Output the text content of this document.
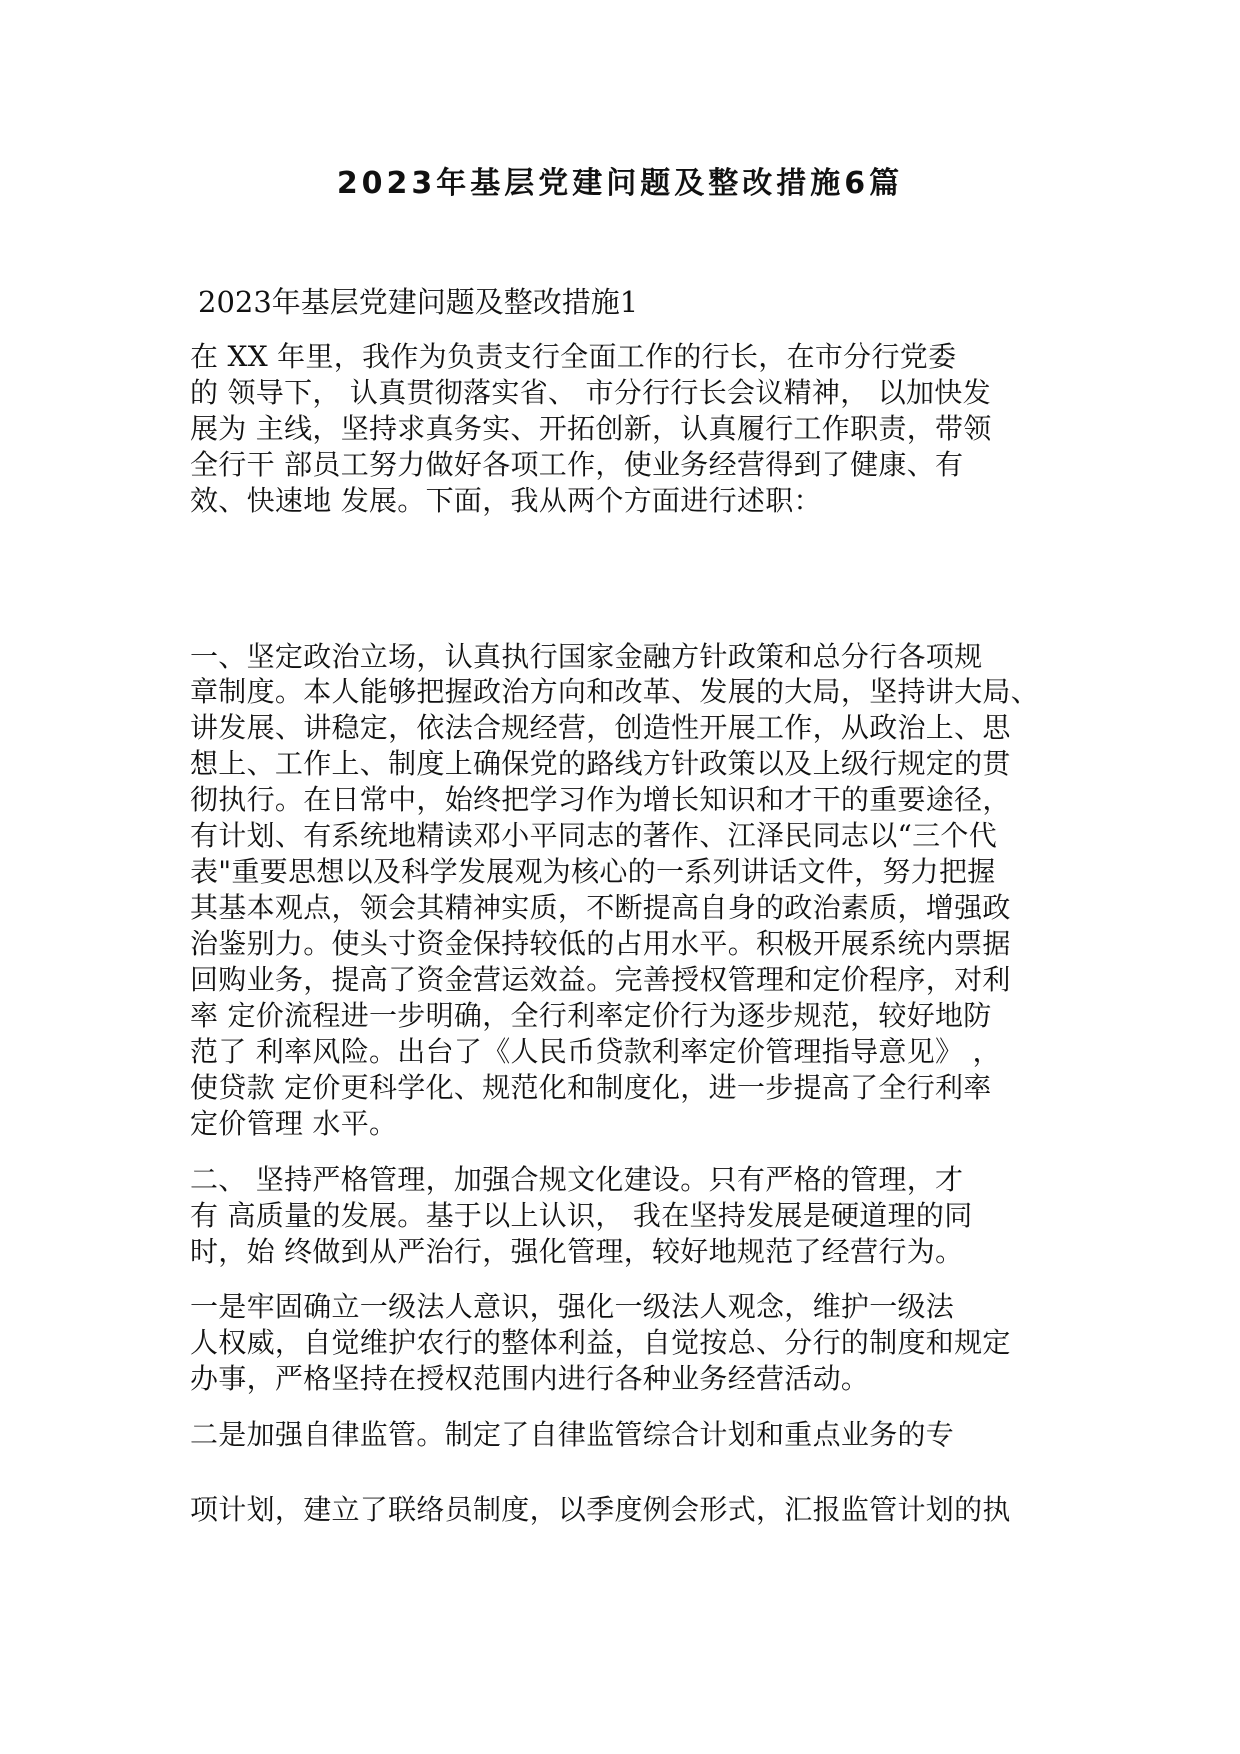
2023年基层党建问题及整改措施6篇
2023年基层党建问题及整改措施1
在 XX 年里，我作为负责支行全面工作的行长，在市分行党委
的 领导下， 认真贯彻落实省、 市分行行长会议精神， 以加快发
展为 主线，坚持求真务实、开拓创新，认真履行工作职责，带领
全行干 部员工努力做好各项工作，使业务经营得到了健康、有
效、快速地 发展。下面，我从两个方面进行述职：
一、坚定政治立场，认真执行国家金融方针政策和总分行各项规
章制度。本人能够把握政治方向和改革、发展的大局，坚持讲大局、
讲发展、讲稳定，依法合规经营，创造性开展工作，从政治上、思
想上、工作上、制度上确保党的路线方针政策以及上级行规定的贯
彻执行。在日常中，始终把学习作为增长知识和才干的重要途径，
有计划、有系统地精读邓小平同志的著作、江泽民同志以“三个代
表"重要思想以及科学发展观为核心的一系列讲话文件，努力把握
其基本观点，领会其精神实质，不断提高自身的政治素质，增强政
治鉴别力。使头寸资金保持较低的占用水平。积极开展系统内票据
回购业务，提高了资金营运效益。完善授权管理和定价程序，对利
率 定价流程进一步明确，全行利率定价行为逐步规范，较好地防
范了 利率风险。出台了《人民币贷款利率定价管理指导意见》 ，
使贷款 定价更科学化、规范化和制度化，进一步提高了全行利率
定价管理 水平。
二、 坚持严格管理，加强合规文化建设。只有严格的管理，才
有 高质量的发展。基于以上认识， 我在坚持发展是硬道理的同
时，始 终做到从严治行，强化管理，较好地规范了经营行为。
一是牢固确立一级法人意识，强化一级法人观念，维护一级法
人权威，自觉维护农行的整体利益，自觉按总、分行的制度和规定
办事，严格坚持在授权范围内进行各种业务经营活动。
二是加强自律监管。制定了自律监管综合计划和重点业务的专
项计划，建立了联络员制度，以季度例会形式，汇报监管计划的执
